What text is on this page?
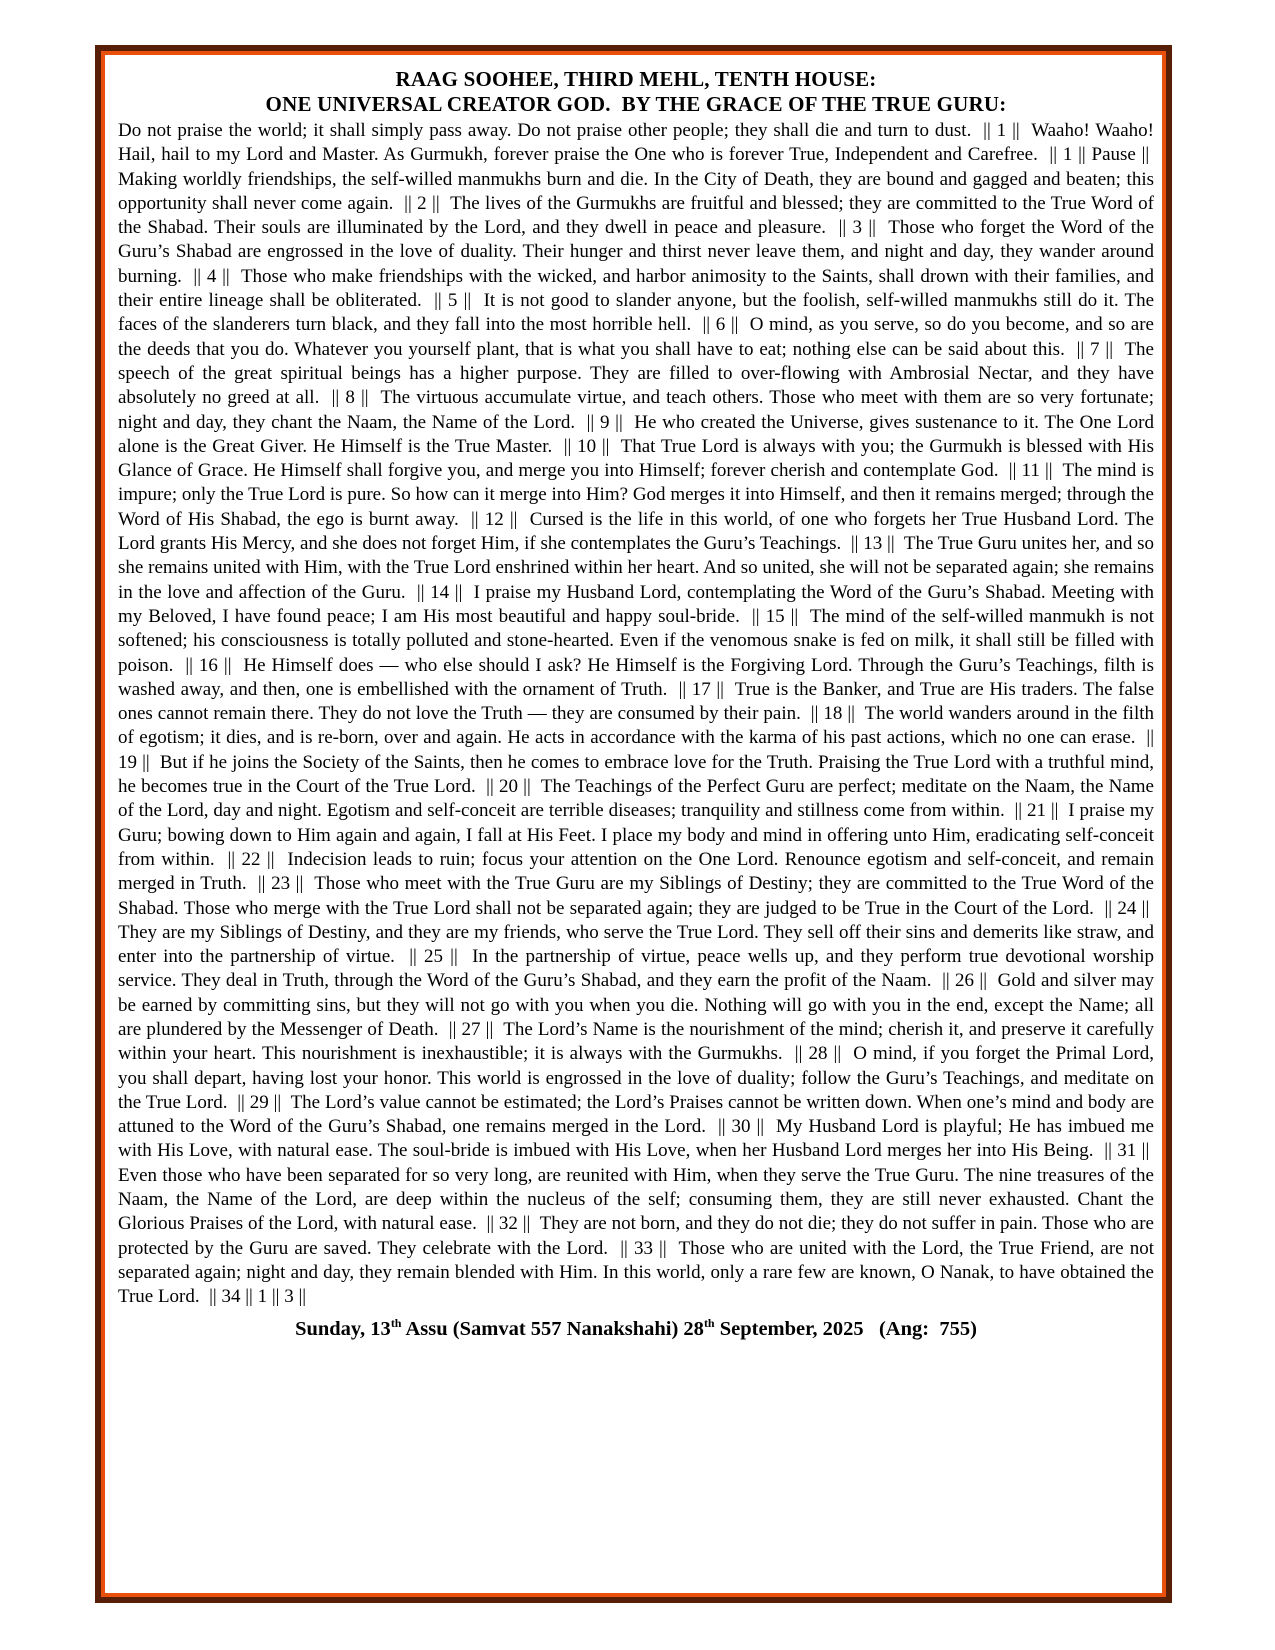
RAAG SOOHEE, THIRD MEHL, TENTH HOUSE:
ONE UNIVERSAL CREATOR GOD.  BY THE GRACE OF THE TRUE GURU:

Do not praise the world; it shall simply pass away. Do not praise other people; they shall die and turn to dust.  || 1 ||  Waaho! Waaho! Hail, hail to my Lord and Master. As Gurmukh, forever praise the One who is forever True, Independent and Carefree.  || 1 || Pause ||  Making worldly friendships, the self-willed manmukhs burn and die. In the City of Death, they are bound and gagged and beaten; this opportunity shall never come again.  || 2 ||  The lives of the Gurmukhs are fruitful and blessed; they are committed to the True Word of the Shabad. Their souls are illuminated by the Lord, and they dwell in peace and pleasure.  || 3 ||  Those who forget the Word of the Guru’s Shabad are engrossed in the love of duality. Their hunger and thirst never leave them, and night and day, they wander around burning.  || 4 ||  Those who make friendships with the wicked, and harbor animosity to the Saints, shall drown with their families, and their entire lineage shall be obliterated.  || 5 ||  It is not good to slander anyone, but the foolish, self-willed manmukhs still do it. The faces of the slanderers turn black, and they fall into the most horrible hell.  || 6 ||  O mind, as you serve, so do you become, and so are the deeds that you do. Whatever you yourself plant, that is what you shall have to eat; nothing else can be said about this.  || 7 ||  The speech of the great spiritual beings has a higher purpose. They are filled to over-flowing with Ambrosial Nectar, and they have absolutely no greed at all.  || 8 ||  The virtuous accumulate virtue, and teach others. Those who meet with them are so very fortunate; night and day, they chant the Naam, the Name of the Lord.  || 9 ||  He who created the Universe, gives sustenance to it. The One Lord alone is the Great Giver. He Himself is the True Master.  || 10 ||  That True Lord is always with you; the Gurmukh is blessed with His Glance of Grace. He Himself shall forgive you, and merge you into Himself; forever cherish and contemplate God.  || 11 ||  The mind is impure; only the True Lord is pure. So how can it merge into Him? God merges it into Himself, and then it remains merged; through the Word of His Shabad, the ego is burnt away.  || 12 ||  Cursed is the life in this world, of one who forgets her True Husband Lord. The Lord grants His Mercy, and she does not forget Him, if she contemplates the Guru’s Teachings.  || 13 ||  The True Guru unites her, and so she remains united with Him, with the True Lord enshrined within her heart. And so united, she will not be separated again; she remains in the love and affection of the Guru.  || 14 ||  I praise my Husband Lord, contemplating the Word of the Guru’s Shabad. Meeting with my Beloved, I have found peace; I am His most beautiful and happy soul-bride.  || 15 ||  The mind of the self-willed manmukh is not softened; his consciousness is totally polluted and stone-hearted. Even if the venomous snake is fed on milk, it shall still be filled with poison.  || 16 ||  He Himself does — who else should I ask? He Himself is the Forgiving Lord. Through the Guru’s Teachings, filth is washed away, and then, one is embellished with the ornament of Truth.  || 17 ||  True is the Banker, and True are His traders. The false ones cannot remain there. They do not love the Truth — they are consumed by their pain.  || 18 ||  The world wanders around in the filth of egotism; it dies, and is re-born, over and again. He acts in accordance with the karma of his past actions, which no one can erase.  || 19 ||  But if he joins the Society of the Saints, then he comes to embrace love for the Truth. Praising the True Lord with a truthful mind, he becomes true in the Court of the True Lord.  || 20 ||  The Teachings of the Perfect Guru are perfect; meditate on the Naam, the Name of the Lord, day and night. Egotism and self-conceit are terrible diseases; tranquility and stillness come from within.  || 21 ||  I praise my Guru; bowing down to Him again and again, I fall at His Feet. I place my body and mind in offering unto Him, eradicating self-conceit from within.  || 22 ||  Indecision leads to ruin; focus your attention on the One Lord. Renounce egotism and self-conceit, and remain merged in Truth.  || 23 ||  Those who meet with the True Guru are my Siblings of Destiny; they are committed to the True Word of the Shabad. Those who merge with the True Lord shall not be separated again; they are judged to be True in the Court of the Lord.  || 24 ||  They are my Siblings of Destiny, and they are my friends, who serve the True Lord. They sell off their sins and demerits like straw, and enter into the partnership of virtue.  || 25 ||  In the partnership of virtue, peace wells up, and they perform true devotional worship service. They deal in Truth, through the Word of the Guru’s Shabad, and they earn the profit of the Naam.  || 26 ||  Gold and silver may be earned by committing sins, but they will not go with you when you die. Nothing will go with you in the end, except the Name; all are plundered by the Messenger of Death.  || 27 ||  The Lord’s Name is the nourishment of the mind; cherish it, and preserve it carefully within your heart. This nourishment is inexhaustible; it is always with the Gurmukhs.  || 28 ||  O mind, if you forget the Primal Lord, you shall depart, having lost your honor. This world is engrossed in the love of duality; follow the Guru’s Teachings, and meditate on the True Lord.  || 29 ||  The Lord’s value cannot be estimated; the Lord’s Praises cannot be written down. When one’s mind and body are attuned to the Word of the Guru’s Shabad, one remains merged in the Lord.  || 30 ||  My Husband Lord is playful; He has imbued me with His Love, with natural ease. The soul-bride is imbued with His Love, when her Husband Lord merges her into His Being.  || 31 ||  Even those who have been separated for so very long, are reunited with Him, when they serve the True Guru. The nine treasures of the Naam, the Name of the Lord, are deep within the nucleus of the self; consuming them, they are still never exhausted. Chant the Glorious Praises of the Lord, with natural ease.  || 32 ||  They are not born, and they do not die; they do not suffer in pain. Those who are protected by the Guru are saved. They celebrate with the Lord.  || 33 ||  Those who are united with the Lord, the True Friend, are not separated again; night and day, they remain blended with Him. In this world, only a rare few are known, O Nanak, to have obtained the True Lord.  || 34 || 1 || 3 ||

Sunday, 13th Assu (Samvat 557 Nanakshahi) 28th September, 2025   (Ang:  755)
